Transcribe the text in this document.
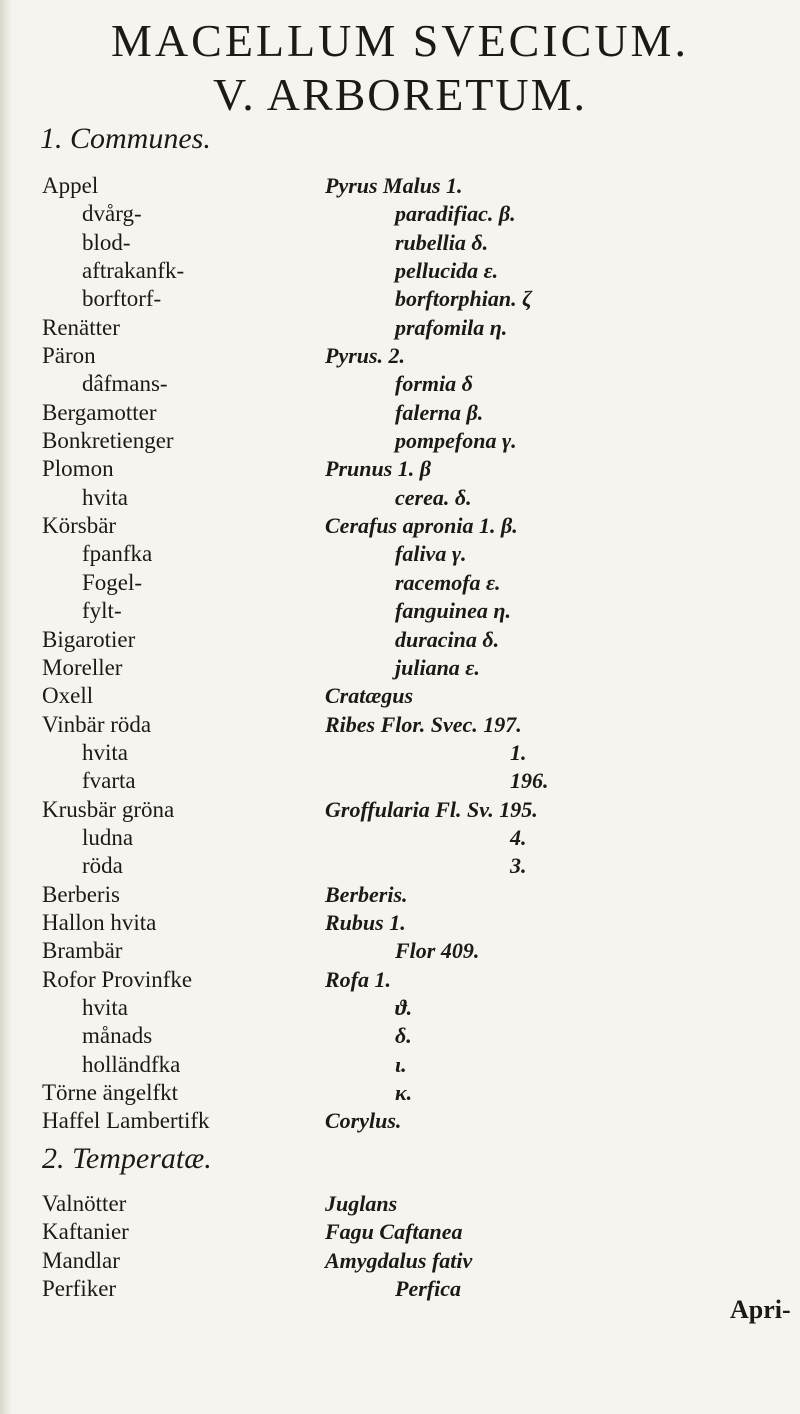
MACELLUM SVECICUM.
V. ARBORETUM.
1. Communes.
Appel
dvårg-
blod-
aftrakanfk-
borftorf-
Renätter
Päron
dâfmans-
Bergamotter
Bonkretienger
Plomon
hvita
Körsbär
fpanfka
Fogel-
fylt-
Bigarotier
Moreller
Oxell
Vinbär röda
hvita
fvarta
Krusbär gröna
ludna
röda
Berberis
Hallon hvita
Brambär
Rofor Provinfke
hvita
månads
holländfka
Törne ängelfkt
Haffel Lambertifk
Pyrus Malus 1.
paradifiac. β.
rubellia δ.
pellucida ε.
borftorphian. ζ
prafomila η.
Pyrus. 2.
formia δ
falerna β.
pompefona γ.
Prunus 1. β
cerea. δ.
Cerafus apronia 1. β.
faliva γ.
racemofa ε.
fanguinea η.
duracina δ.
juliana ε.
Cratægus
Ribes Flor. Svec. 197.
1.
196.
Groffularia Fl. Sv. 195.
4.
3.
Berberis.
Rubus 1.
Flor 409.
Rofa 1.
ϑ.
δ.
ι.
κ.
Corylus.
2. Temperatæ.
Valnötter
Kaftanier
Mandlar
Perfiker
Juglans
Fagu Caftanea
Amygdalus fativ
Perfica
Apri-
